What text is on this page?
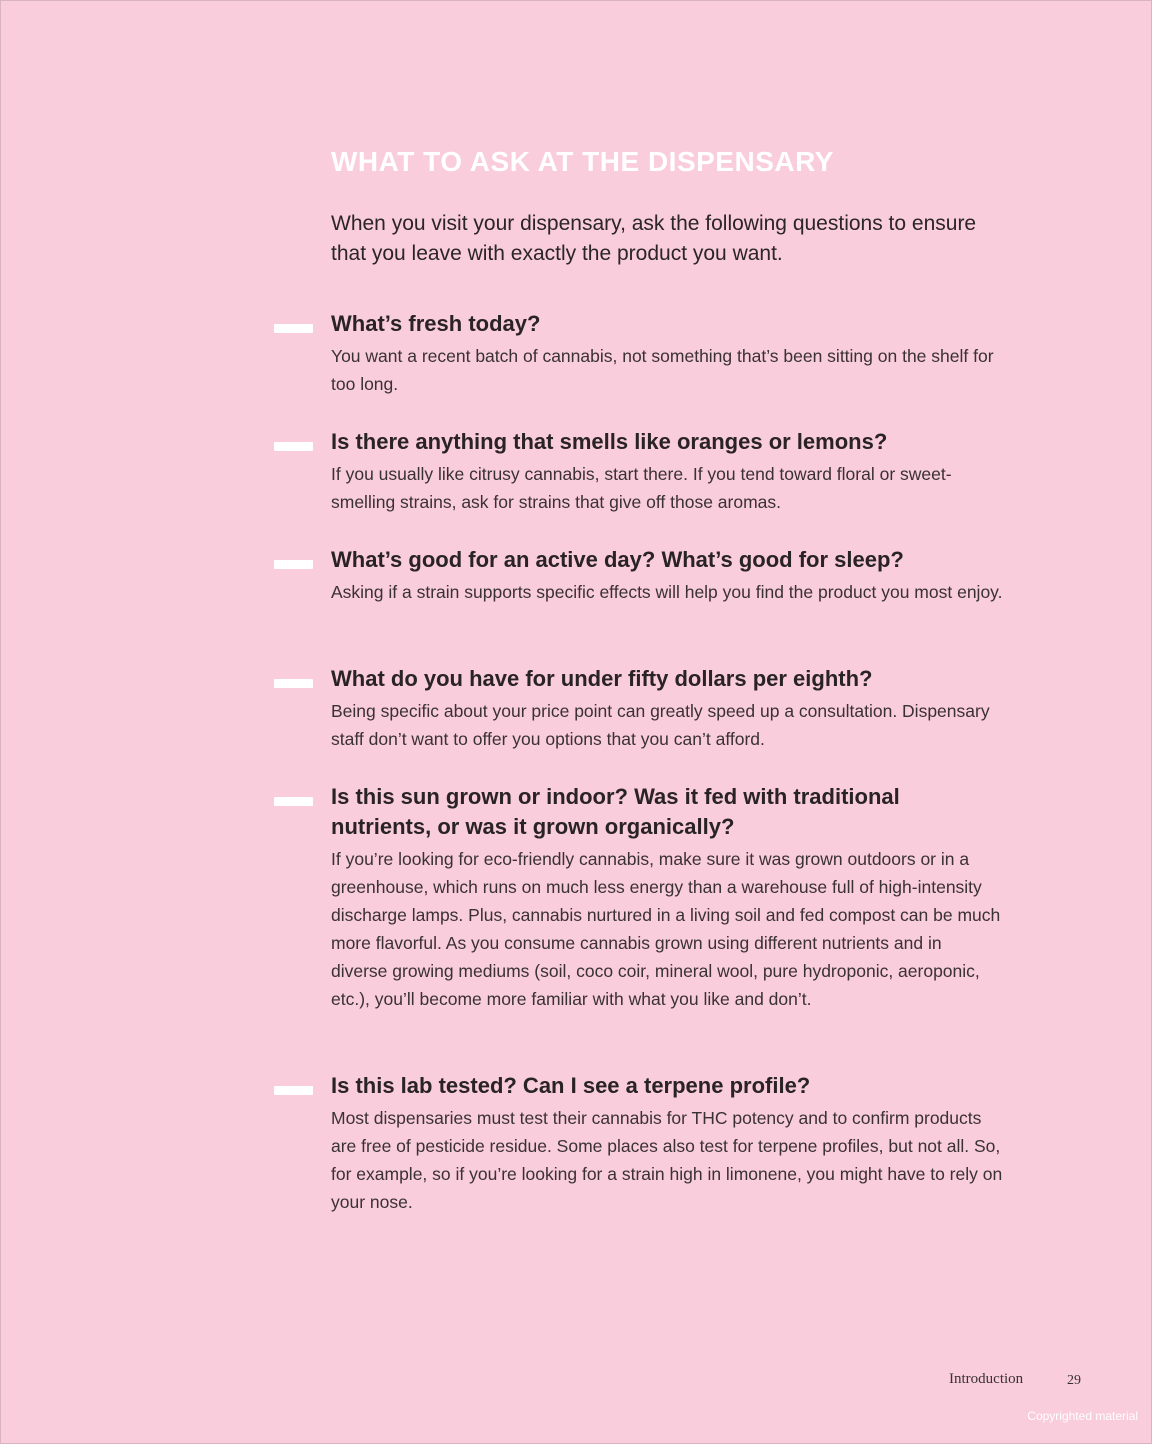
WHAT TO ASK AT THE DISPENSARY

When you visit your dispensary, ask the following questions to ensure that you leave with exactly the product you want.

What’s fresh today?

You want a recent batch of cannabis, not something that’s been sitting on the shelf for too long.

Is there anything that smells like oranges or lemons?

If you usually like citrusy cannabis, start there. If you tend toward floral or sweet-smelling strains, ask for strains that give off those aromas.

What’s good for an active day? What’s good for sleep?

Asking if a strain supports specific effects will help you find the product you most enjoy.

What do you have for under fifty dollars per eighth?

Being specific about your price point can greatly speed up a consultation. Dispensary staff don’t want to offer you options that you can’t afford.

Is this sun grown or indoor? Was it fed with traditional nutrients, or was it grown organically?

If you’re looking for eco-friendly cannabis, make sure it was grown outdoors or in a greenhouse, which runs on much less energy than a warehouse full of high-intensity discharge lamps. Plus, cannabis nurtured in a living soil and fed compost can be much more flavorful. As you consume cannabis grown using different nutrients and in diverse growing mediums (soil, coco coir, mineral wool, pure hydroponic, aeroponic, etc.), you’ll become more familiar with what you like and don’t.

Is this lab tested? Can I see a terpene profile?

Most dispensaries must test their cannabis for THC potency and to confirm products are free of pesticide residue. Some places also test for terpene profiles, but not all. So, for example, so if you’re looking for a strain high in limonene, you might have to rely on your nose.

Introduction	29
Copyrighted material
